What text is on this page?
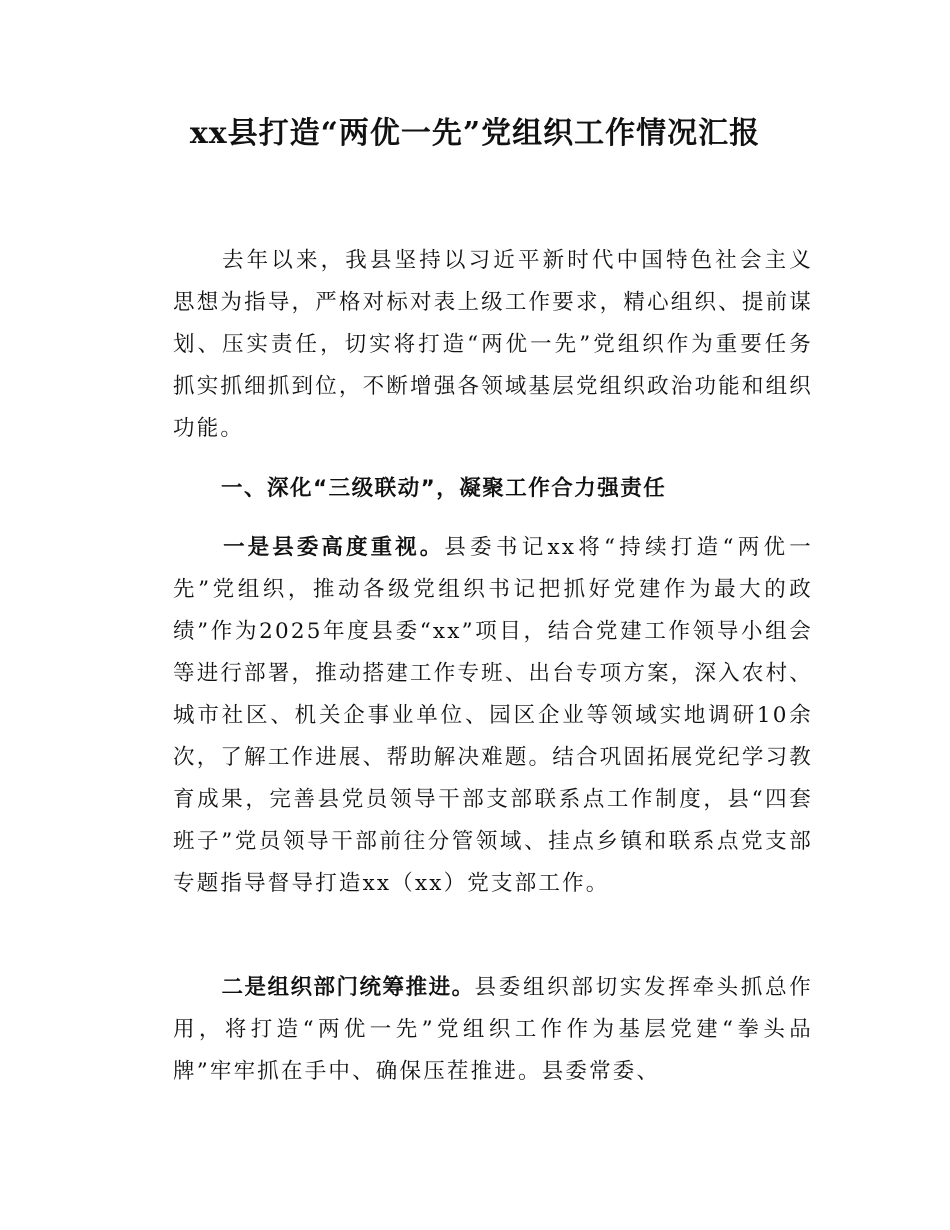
xx县打造“两优一先”党组织工作情况汇报

去年以来，我县坚持以习近平新时代中国特色社会主义思想为指导，严格对标对表上级工作要求，精心组织、提前谋划、压实责任，切实将打造“两优一先”党组织作为重要任务抓实抓细抓到位，不断增强各领域基层党组织政治功能和组织功能。

一、深化“三级联动”，凝聚工作合力强责任

一是县委高度重视。县委书记xx将“持续打造“两优一先”党组织，推动各级党组织书记把抓好党建作为最大的政绩”作为2025年度县委“xx”项目，结合党建工作领导小组会等进行部署，推动搭建工作专班、出台专项方案，深入农村、城市社区、机关企事业单位、园区企业等领域实地调研10余次，了解工作进展、帮助解决难题。结合巩固拓展党纪学习教育成果，完善县党员领导干部支部联系点工作制度，县“四套班子”党员领导干部前往分管领域、挂点乡镇和联系点党支部专题指导督导打造xx（xx）党支部工作。

二是组织部门统筹推进。县委组织部切实发挥牵头抓总作用，将打造“两优一先”党组织工作作为基层党建“拳头品牌”牢牢抓在手中、确保压茬推进。县委常委、
